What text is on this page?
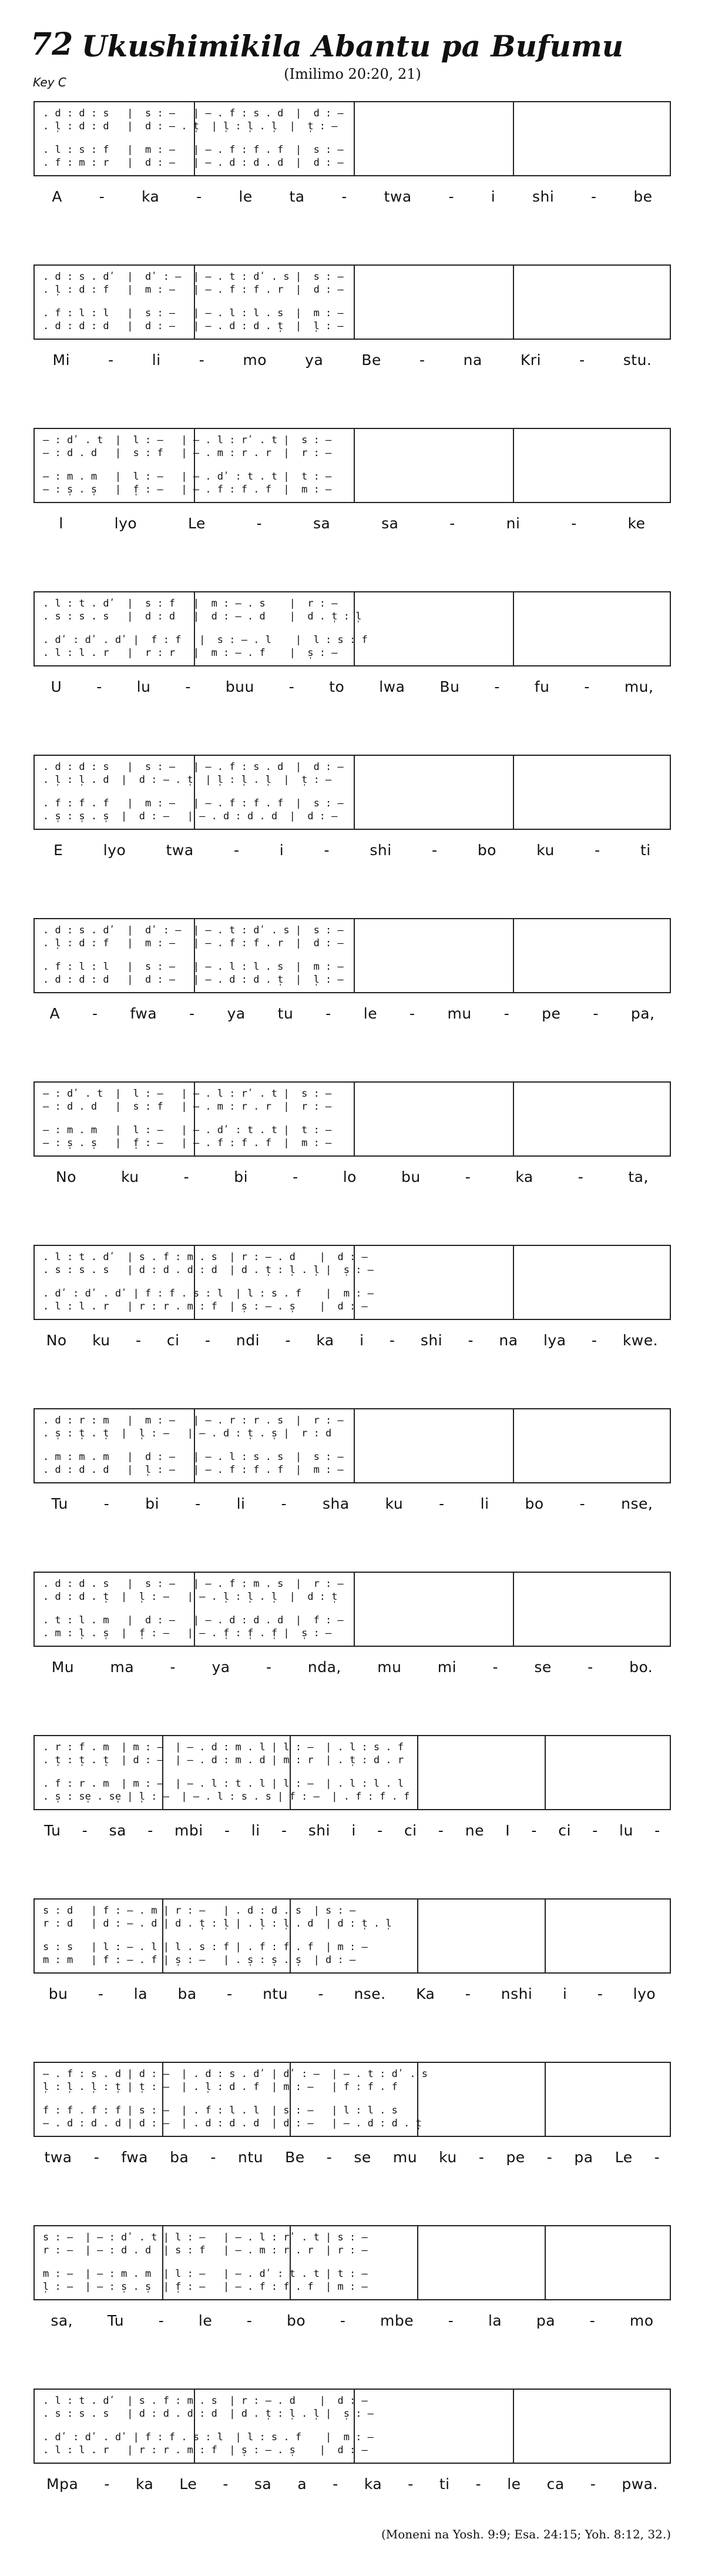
72 Ukushimikila Abantu pa Bufumu
(Imilimo 20:20, 21)
Key C
. d : d : s   |  s : —   | – . f : s . d  |  d : —
. l̩ : d : d   |  d : – . t̩  | l̩ : l̩ . l̩  |  t̩ : —
. l : s : f   |  m : —   | – . f : f . f  |  s : —
. f : m : r   |  d : —   | – . d : d . d  |  d : —
A	-	ka	-	le	ta	-	twa	-	i	shi	-	be
. d : s . dʹ  |  dʹ : —  | – . t : dʹ . s |  s : —
. l̩ : d : f   |  m : —   | – . f : f . r  |  d : —
. f : l : l   |  s : —   | – . l : l . s  |  m : —
. d : d : d   |  d : —   | – . d : d . t̩  |  l̩ : —
Mi	-	li	-	mo	ya	Be	-	na	Kri	-	stu.
— : dʹ . t  |  l : —   | – . l : rʹ . t |  s : —
— : d . d   |  s : f   | – . m : r . r  |  r : —
— : m . m   |  l : —   | – . dʹ : t . t |  t : —
— : s̩ . s̩   |  f̩ : —   | – . f : f . f  |  m : —
l	lyo	Le	-	sa	sa	-	ni	-	ke
. l : t . dʹ  |  s : f   |  m : – . s    |  r : —
. s : s . s   |  d : d   |  d : – . d    |  d . t̩ : l̩
. dʹ : dʹ . dʹ |  f : f   |  s : – . l    |  l : s : f
. l : l . r   |  r : r   |  m : – . f    |  s̩ : —
U - lu - buu - to lwa Bu - fu - mu,
. d : d : s   |  s : —   | – . f : s . d  |  d : —
. l̩ : l̩ . d  |  d : – . t̩  | l̩ : l̩ . l̩  |  t̩ : —
. f : f . f   |  m : —   | – . f : f . f  |  s : —
. s̩ : s̩ . s̩  |  d : —   | – . d : d . d  |  d : —
E	lyo	twa	-	i	-	shi	-	bo	ku	-	ti
. d : s . dʹ  |  dʹ : —  | – . t : dʹ . s |  s : —
. l̩ : d : f   |  m : —   | – . f : f . r  |  d : —
. f : l : l   |  s : —   | – . l : l . s  |  m : —
. d : d : d   |  d : —   | – . d : d . t̩  |  l̩ : —
A - fwa - ya tu - le - mu - pe - pa,
— : dʹ . t  |  l : —   | – . l : rʹ . t |  s : —
— : d . d   |  s : f   | – . m : r . r  |  r : —
— : m . m   |  l : —   | – . dʹ : t . t |  t : —
— : s̩ . s̩   |  f̩ : —   | – . f : f . f  |  m : —
No	ku	-	bi	-	lo	bu	-	ka	-	ta,
. l : t . dʹ  | s . f : m . s  | r : – . d    |  d : —
. s : s . s   | d : d . d : d  | d . t̩ : l̩ . l̩ |  s̩ : —
. dʹ : dʹ . dʹ | f : f . s : l  | l : s . f    |  m : —
. l : l . r   | r : r . m : f  | s̩ : – . s̩    |  d : —
No ku - ci - ndi - ka i - shi - na lya - kwe.
. d : r : m   |  m : —   | – . r : r . s  |  r : —
. s̩ : t̩ . t̩  |  l̩ : —   | – . d : t̩ . s̩ |  r : d
. m : m . m   |  d : —   | – . l : s . s  |  s : —
. d : d . d   |  l̩ : —   | – . f : f . f  |  m : —
Tu - bi - li - sha ku - li bo - nse,
. d : d . s   |  s : —   | – . f : m . s  |  r : —
. d : d . t̩  |  l̩ : —   | – . l̩ : l̩ . l̩  |  d : t̩
. t : l . m   |  d : —   | – . d : d . d  |  f : —
. m : l̩ . s̩  |  f̩ : —   | – . f̩ : f̩ . f̩ |  s̩ : —
Mu ma - ya - nda, mu mi - se - bo.
. r : f . m  | m : —  | – . d : m . l | l : —  | . l : s . f
. t̩ : t̩ . t̩  | d : —  | – . d : m . d | m : r  | . t̩ : d . r
. f : r . m  | m : —  | – . l : t . l | l : —  | . l : l . l
. s̩ : se̩ . se̩ | l̩ : —  | – . l : s . s | f : —  | . f : f . f
Tu - sa - mbi - li - shi i - ci - ne I - ci - lu -
s : d   | f : – . m | r : —   | . d : d . s  | s : —
r : d   | d : – . d | d . t̩ : l̩ | . l̩ : l̩ . d  | d : t̩ . l̩
s : s   | l : – . l | l . s : f | . f : f . f  | m : —
m : m   | f : – . f | s̩ : —   | . s̩ : s̩ . s̩  | d : —
bu - la ba - ntu - nse. Ka - nshi i - lyo
– . f : s . d | d : —  | . d : s . dʹ | dʹ : —  | – . t : dʹ . s
l̩ : l̩ . l̩ : t̩ | t̩ : —  | . l̩ : d . f  | m : —   | f : f . f
f : f . f : f | s : —  | . f : l . l  | s : —   | l : l . s
– . d : d . d | d : —  | . d : d . d  | d : —   | – . d : d . t̩
twa - fwa ba - ntu Be - se mu ku - pe - pa Le -
s : —  | — : dʹ . t | l : —   | – . l : rʹ . t | s : —
r : —  | — : d . d  | s : f   | – . m : r . r  | r : —
m : —  | — : m . m  | l : —   | – . dʹ : t . t | t : —
l̩ : —  | — : s̩ . s̩  | f̩ : —   | – . f : f . f  | m : —
sa, Tu - le - bo - mbe - la pa - mo
. l : t . dʹ  | s . f : m . s  | r : – . d    |  d : —
. s : s . s   | d : d . d : d  | d . t̩ : l̩ . l̩ |  s̩ : —
. dʹ : dʹ . dʹ | f : f . s : l  | l : s . f    |  m : —
. l : l . r   | r : r . m : f  | s̩ : – . s̩    |  d : —
Mpa - ka Le - sa a - ka - ti - le ca - pwa.
(Moneni na Yosh. 9:9; Esa. 24:15; Yoh. 8:12, 32.)
